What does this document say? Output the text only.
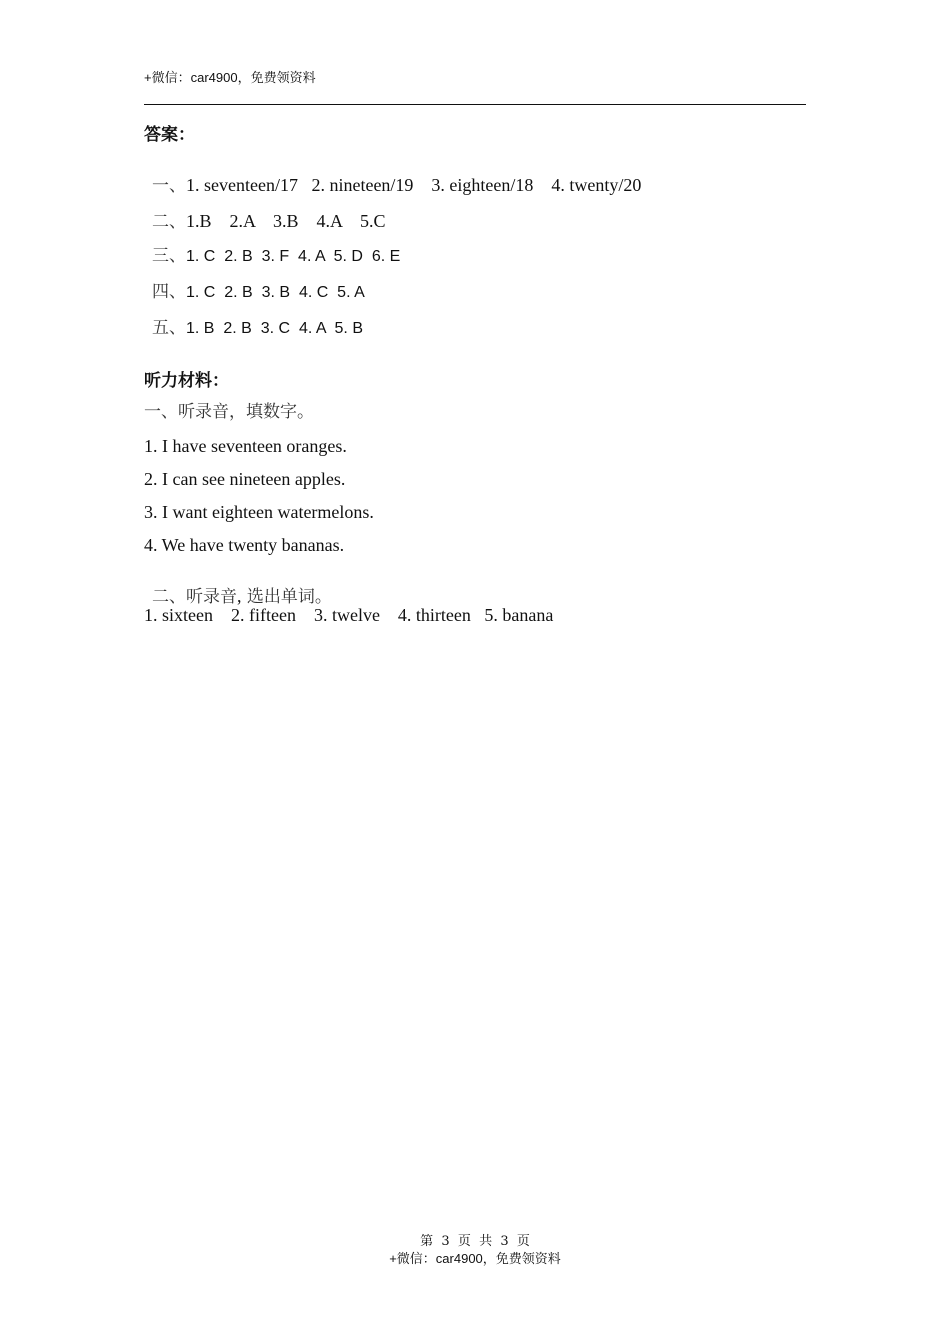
+微信：car4900，免费领资料
答案：

一、1. seventeen/17   2. nineteen/19    3. eighteen/18    4. twenty/20

二、1.B    2.A    3.B    4.A    5.C

三、1. C  2. B  3. F  4. A  5. D  6. E

四、1. C  2. B  3. B  4. C  5. A

五、1. B  2. B  3. C  4. A  5. B

听力材料：
一、听录音，填数字。
1. I have seventeen oranges.
2. I can see nineteen apples.
3. I want eighteen watermelons.
4. We have twenty bananas.

二、听录音, 选出单词。

1. sixteen    2. fifteen    3. twelve    4. thirteen   5. banana
第  3  页  共  3  页
+微信：car4900，免费领资料
